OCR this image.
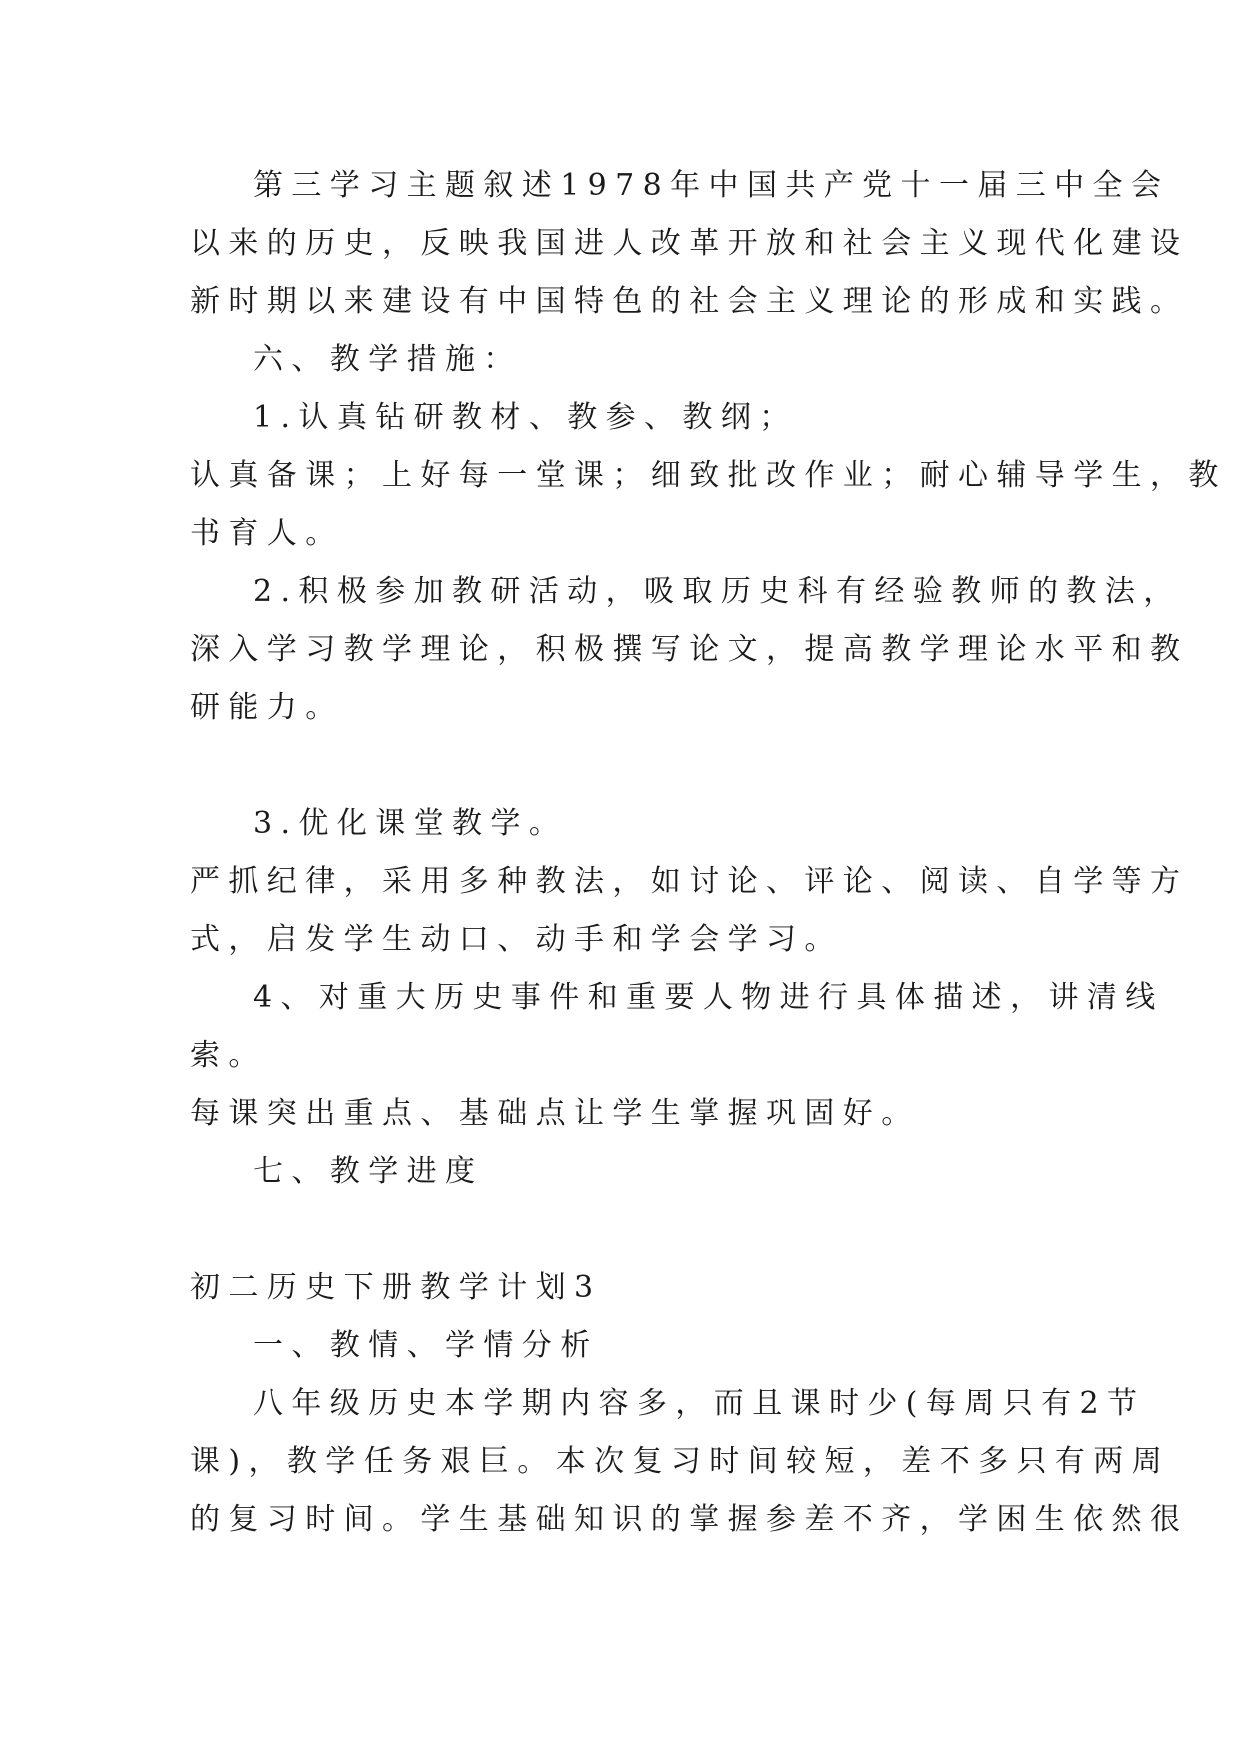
第三学习主题叙述1978年中国共产党十一届三中全会

以来的历史，反映我国进人改革开放和社会主义现代化建设

新时期以来建设有中国特色的社会主义理论的形成和实践。

六、教学措施：

1.认真钻研教材、教参、教纲；

认真备课；上好每一堂课；细致批改作业；耐心辅导学生，教

书育人。

2.积极参加教研活动，吸取历史科有经验教师的教法，

深入学习教学理论，积极撰写论文，提高教学理论水平和教

研能力。

3.优化课堂教学。

严抓纪律，采用多种教法，如讨论、评论、阅读、自学等方

式，启发学生动口、动手和学会学习。

4、对重大历史事件和重要人物进行具体描述，讲清线

索。

每课突出重点、基础点让学生掌握巩固好。

七、教学进度

初二历史下册教学计划3

一、教情、学情分析

八年级历史本学期内容多，而且课时少(每周只有2节

课)，教学任务艰巨。本次复习时间较短，差不多只有两周

的复习时间。学生基础知识的掌握参差不齐，学困生依然很
